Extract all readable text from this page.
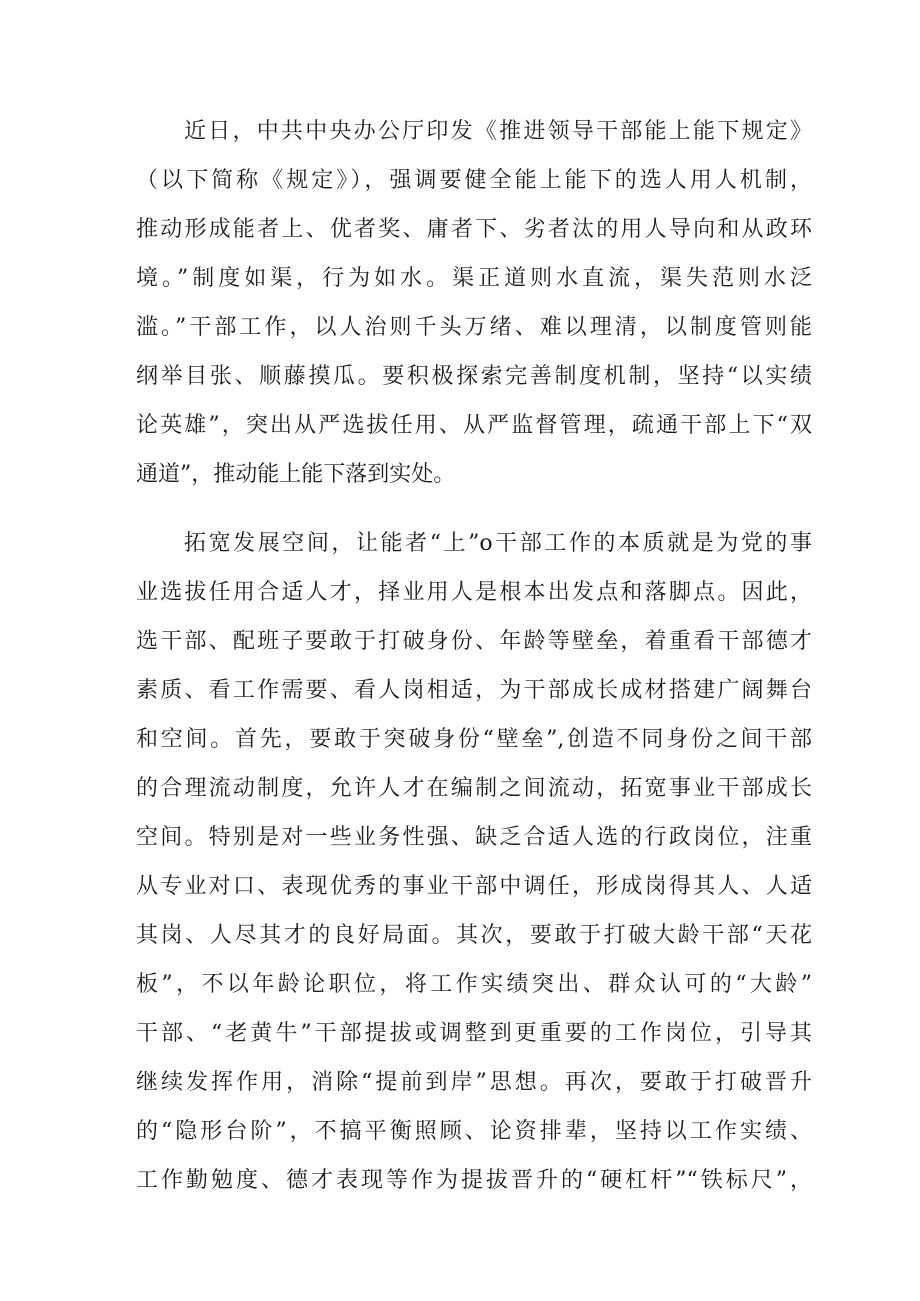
近日，中共中央办公厅印发《推进领导干部能上能下规定》
（以下简称《规定》），强调要健全能上能下的选人用人机制，
推动形成能者上、优者奖、庸者下、劣者汰的用人导向和从政环
境。”制度如渠，行为如水。渠正道则水直流，渠失范则水泛
滥。”干部工作，以人治则千头万绪、难以理清，以制度管则能
纲举目张、顺藤摸瓜。要积极探索完善制度机制，坚持“以实绩
论英雄”，突出从严选拔任用、从严监督管理，疏通干部上下“双
通道”，推动能上能下落到实处。
拓宽发展空间，让能者“上”o干部工作的本质就是为党的事
业选拔任用合适人才，择业用人是根本出发点和落脚点。因此，
选干部、配班子要敢于打破身份、年龄等壁垒，着重看干部德才
素质、看工作需要、看人岗相适，为干部成长成材搭建广阔舞台
和空间。首先，要敢于突破身份“壁垒”,创造不同身份之间干部
的合理流动制度，允许人才在编制之间流动，拓宽事业干部成长
空间。特别是对一些业务性强、缺乏合适人选的行政岗位，注重
从专业对口、表现优秀的事业干部中调任，形成岗得其人、人适
其岗、人尽其才的良好局面。其次，要敢于打破大龄干部“天花
板”，不以年龄论职位，将工作实绩突出、群众认可的“大龄”
干部、“老黄牛”干部提拔或调整到更重要的工作岗位，引导其
继续发挥作用，消除“提前到岸”思想。再次，要敢于打破晋升
的“隐形台阶”，不搞平衡照顾、论资排辈，坚持以工作实绩、
工作勤勉度、德才表现等作为提拔晋升的“硬杠杆”“铁标尺”，
